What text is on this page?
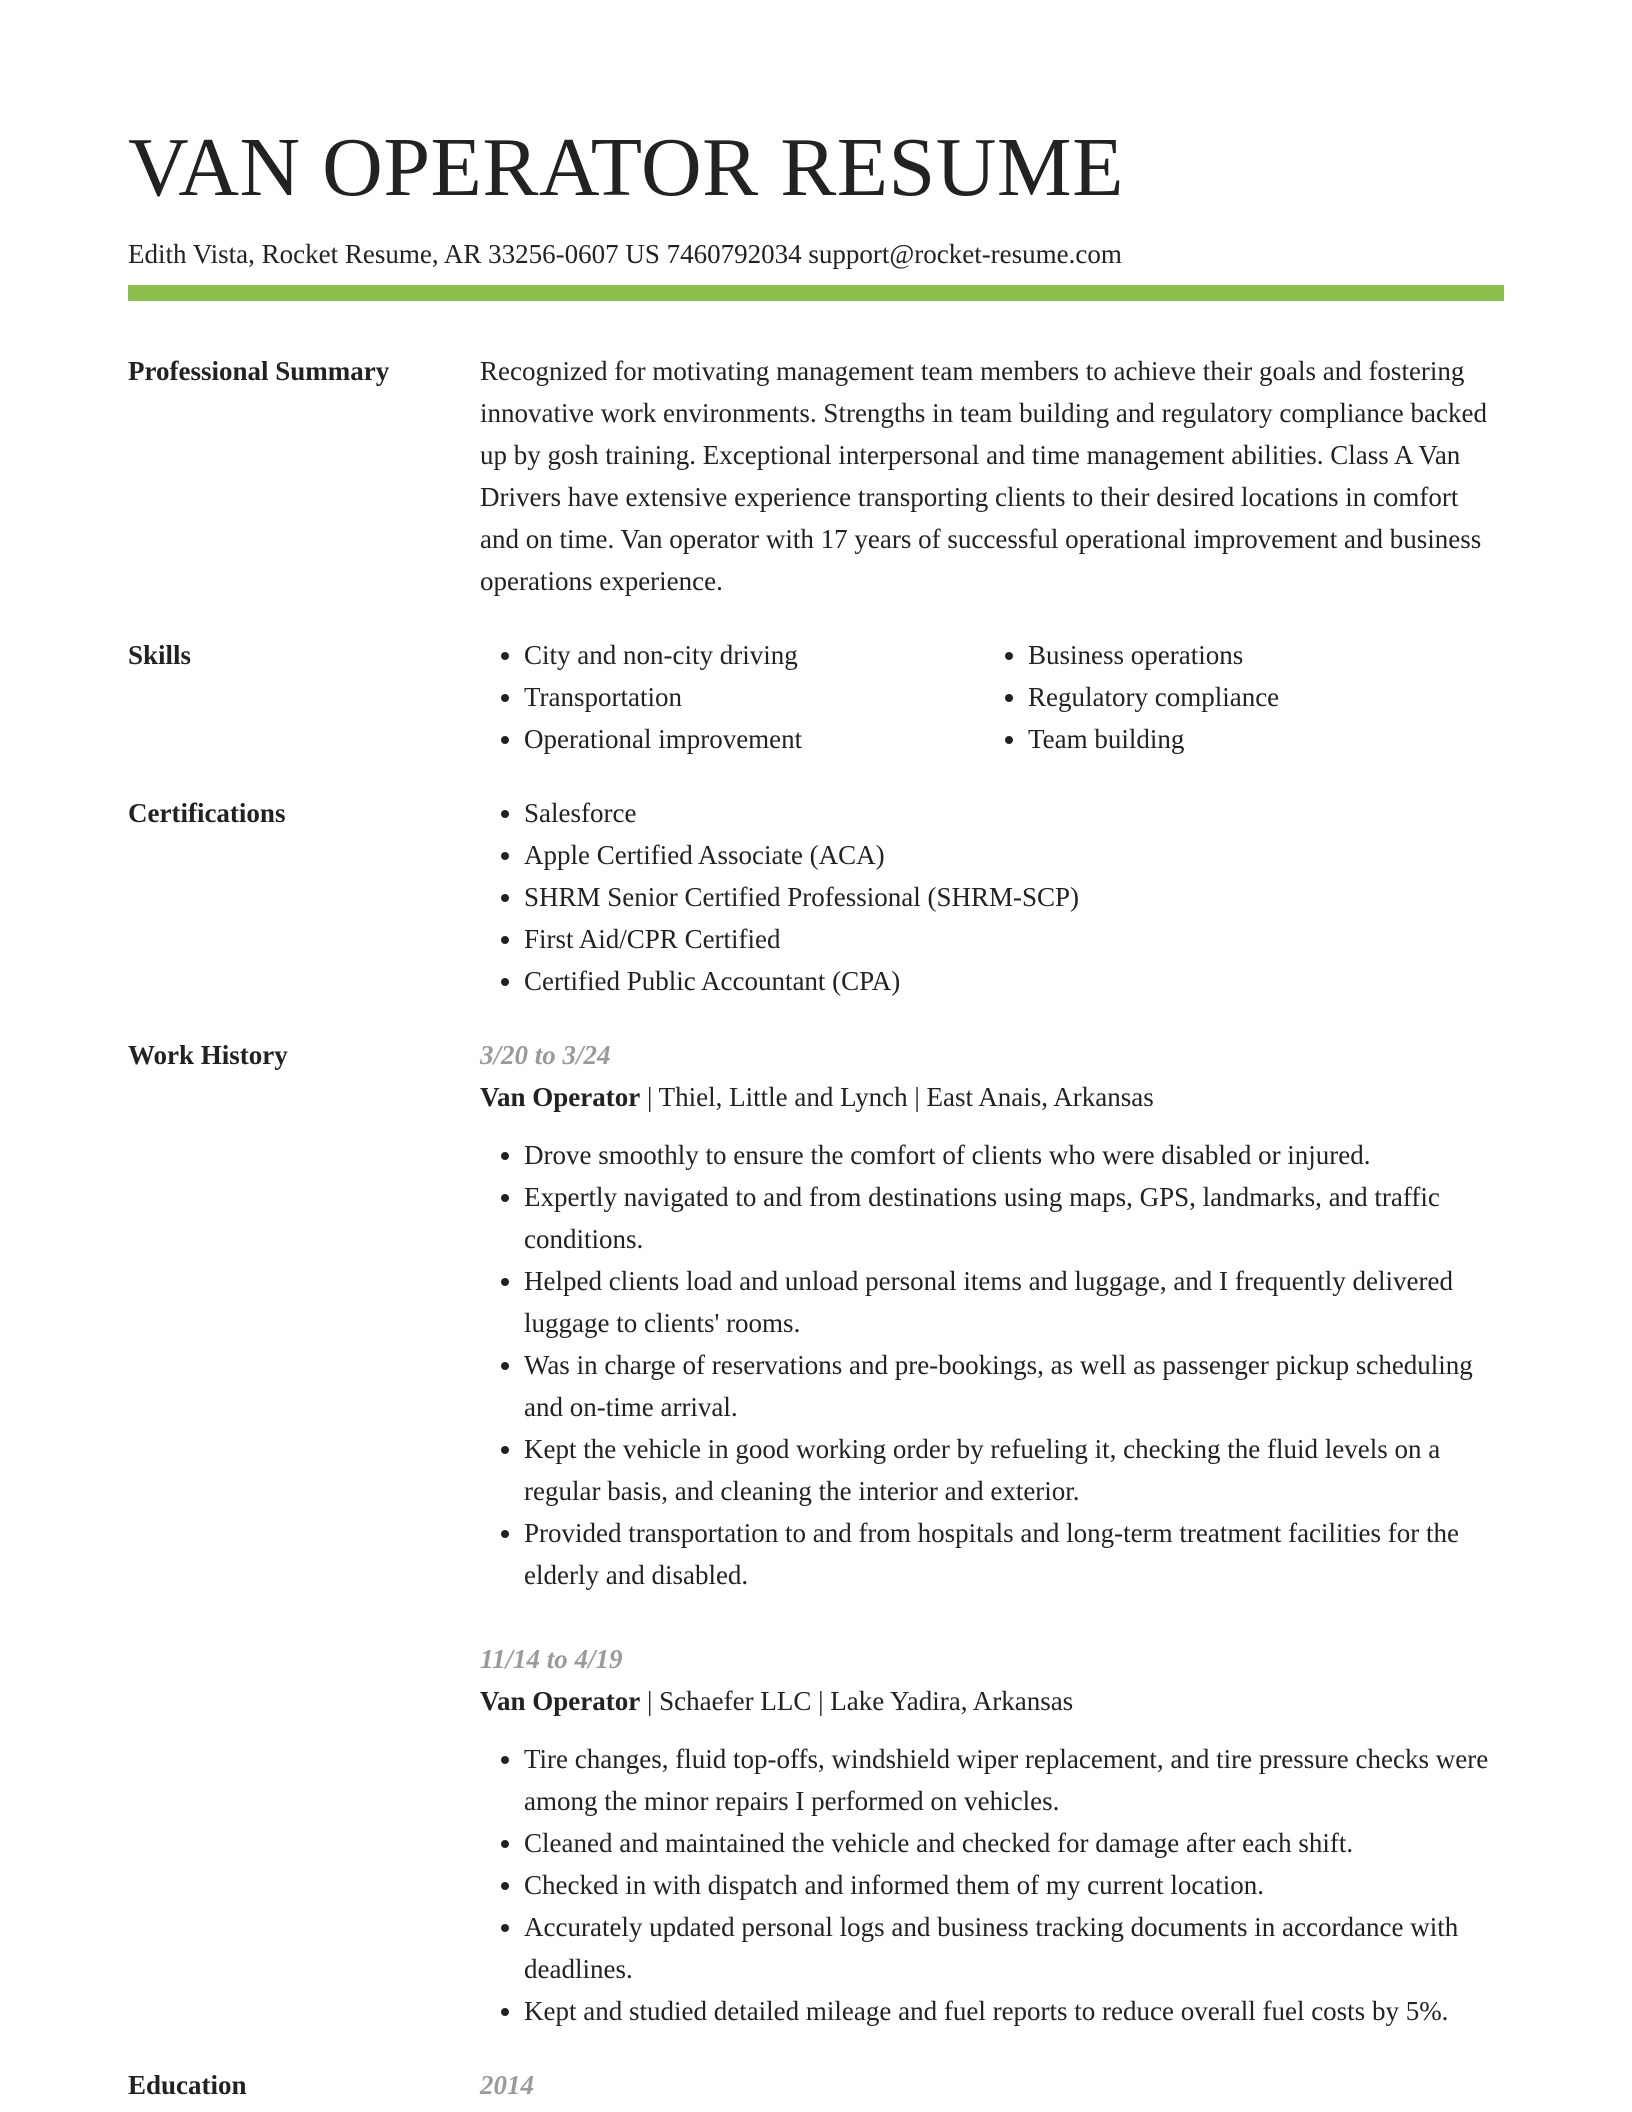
VAN OPERATOR RESUME
Edith Vista, Rocket Resume, AR 33256-0607 US 7460792034 support@rocket-resume.com
Professional Summary	Recognized for motivating management team members to achieve their goals and fostering innovative work environments. Strengths in team building and regulatory compliance backed up by gosh training. Exceptional interpersonal and time management abilities. Class A Van Drivers have extensive experience transporting clients to their desired locations in comfort and on time. Van operator with 17 years of successful operational improvement and business operations experience.

Skills	• City and non-city driving
• Transportation
• Operational improvement
• Business operations
• Regulatory compliance
• Team building
Certifications	• Salesforce
• Apple Certified Associate (ACA)
• SHRM Senior Certified Professional (SHRM-SCP)
• First Aid/CPR Certified
• Certified Public Accountant (CPA)
Work History	3/20 to 3/24
Van Operator | Thiel, Little and Lynch | East Anais, Arkansas
• Drove smoothly to ensure the comfort of clients who were disabled or injured.
• Expertly navigated to and from destinations using maps, GPS, landmarks, and traffic conditions.
• Helped clients load and unload personal items and luggage, and I frequently delivered luggage to clients' rooms.
• Was in charge of reservations and pre-bookings, as well as passenger pickup scheduling and on-time arrival.
• Kept the vehicle in good working order by refueling it, checking the fluid levels on a regular basis, and cleaning the interior and exterior.
• Provided transportation to and from hospitals and long-term treatment facilities for the elderly and disabled.
11/14 to 4/19
Van Operator | Schaefer LLC | Lake Yadira, Arkansas
• Tire changes, fluid top-offs, windshield wiper replacement, and tire pressure checks were among the minor repairs I performed on vehicles.
• Cleaned and maintained the vehicle and checked for damage after each shift.
• Checked in with dispatch and informed them of my current location.
• Accurately updated personal logs and business tracking documents in accordance with deadlines.
• Kept and studied detailed mileage and fuel reports to reduce overall fuel costs by 5%.
Education	2014
